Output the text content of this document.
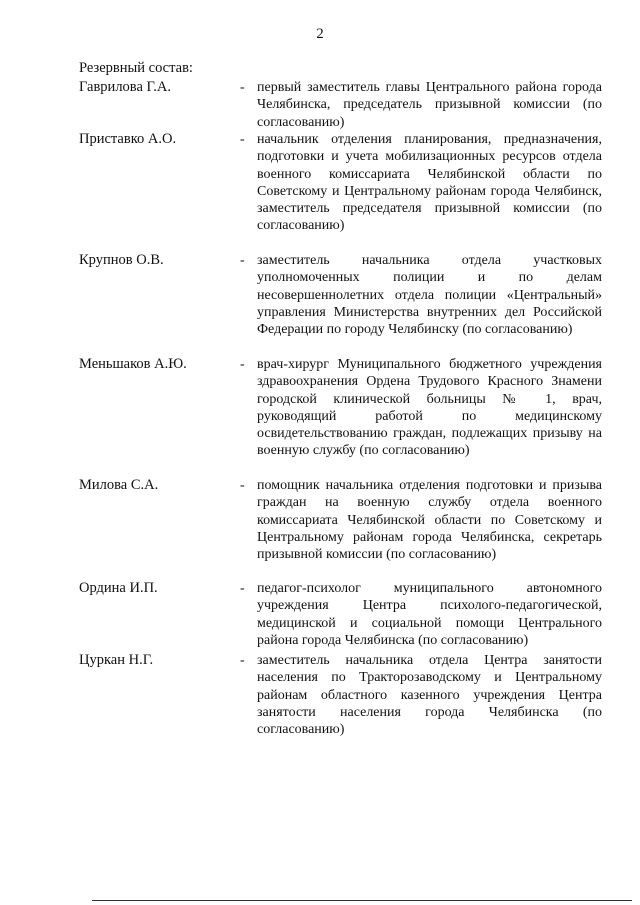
2
Резервный состав:
Гаврилова Г.А.	- первый заместитель главы Центрального района города Челябинска, председатель призывной комиссии (по согласованию)
Приставко А.О.	- начальник отделения планирования, предназначения, подготовки и учета мобилизационных ресурсов отдела военного комиссариата Челябинской области по Советскому и Центральному районам города Челябинск, заместитель председателя призывной комиссии (по согласованию)
Крупнов О.В.	- заместитель начальника отдела участковых уполномоченных полиции и по делам несовершеннолетних отдела полиции «Центральный» управления Министерства внутренних дел Российской Федерации по городу Челябинску (по согласованию)
Меньшаков А.Ю.	- врач-хирург Муниципального бюджетного учреждения здравоохранения Ордена Трудового Красного Знамени городской клинической больницы № 1, врач, руководящий работой по медицинскому освидетельствованию граждан, подлежащих призыву на военную службу (по согласованию)
Милова С.А.	- помощник начальника отделения подготовки и призыва граждан на военную службу отдела военного комиссариата Челябинской области по Советскому и Центральному районам города Челябинска, секретарь призывной комиссии (по согласованию)
Ордина И.П.	- педагог-психолог муниципального автономного учреждения Центра психолого-педагогической, медицинской и социальной помощи Центрального района города Челябинска (по согласованию)
Цуркан Н.Г.	- заместитель начальника отдела Центра занятости населения по Тракторозаводскому и Центральному районам областного казенного учреждения Центра занятости населения города Челябинска (по согласованию)
